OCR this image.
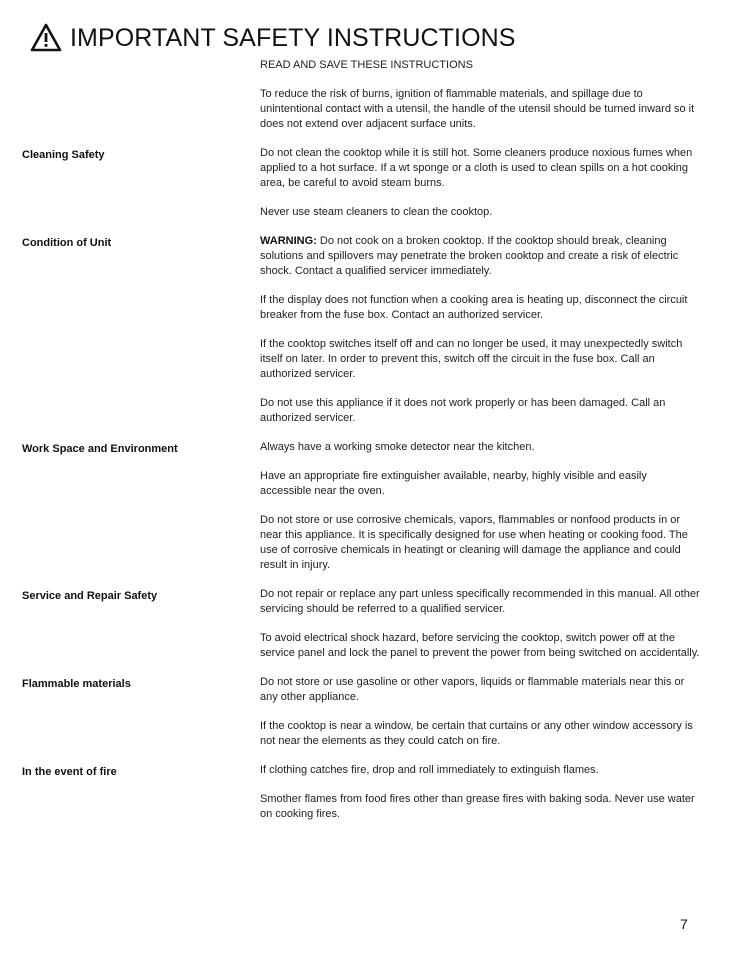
IMPORTANT SAFETY INSTRUCTIONS
READ AND SAVE THESE INSTRUCTIONS
To reduce the risk of burns, ignition of flammable materials, and spillage due to unintentional contact with a utensil, the handle of the utensil should be turned inward so it does not extend over adjacent surface units.
Cleaning Safety	Do not clean the cooktop while it is still hot. Some cleaners produce noxious fumes when applied to a hot surface. If a wt sponge or a cloth is used to clean spills on a hot cooking area, be careful to avoid steam burns.
Never use steam cleaners to clean the cooktop.
Condition of Unit	WARNING: Do not cook on a broken cooktop. If the cooktop should break, cleaning solutions and spillovers may penetrate the broken cooktop and create a risk of electric shock. Contact a qualified servicer immediately.
If the display does not function when a cooking area is heating up, disconnect the circuit breaker from the fuse box. Contact an authorized servicer.
If the cooktop switches itself off and can no longer be used, it may unexpectedly switch itself on later. In order to prevent this, switch off the circuit in the fuse box. Call an authorized servicer.
Do not use this appliance if it does not work properly or has been damaged. Call an authorized servicer.
Work Space and Environment	Always have a working smoke detector near the kitchen.
Have an appropriate fire extinguisher available, nearby, highly visible and easily accessible near the oven.
Do not store or use corrosive chemicals, vapors, flammables or nonfood products in or near this appliance. It is specifically designed for use when heating or cooking food. The use of corrosive chemicals in heatingt or cleaning will damage the appliance and could result in injury.
Service and Repair Safety	Do not repair or replace any part unless specifically recommended in this manual. All other servicing should be referred to a qualified servicer.
To avoid electrical shock hazard, before servicing the cooktop, switch power off at the service panel and lock the panel to prevent the power from being switched on accidentally.
Flammable materials	Do not store or use gasoline or other vapors, liquids or flammable materials near this or any other appliance.
If the cooktop is near a window, be certain that curtains or any other window accessory is not near the elements as they could catch on fire.
In the event of fire	If clothing catches fire, drop and roll immediately to extinguish flames.
Smother flames from food fires other than grease fires with baking soda. Never use water on cooking fires.
7
